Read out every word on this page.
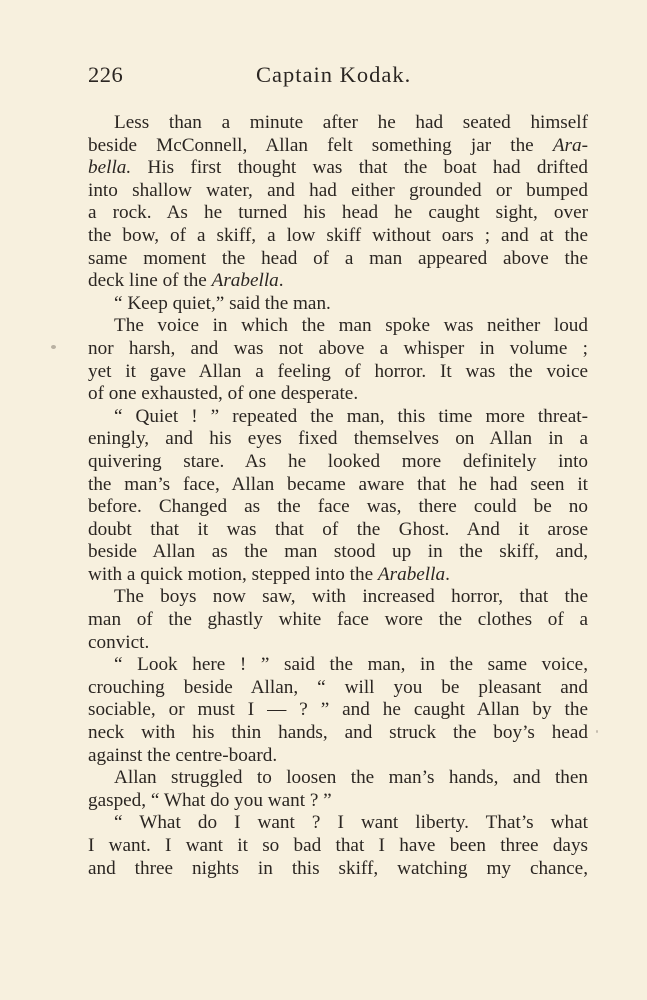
226	Captain Kodak.
Less than a minute after he had seated himself
beside McConnell, Allan felt something jar the Ara-
bella. His first thought was that the boat had drifted
into shallow water, and had either grounded or bumped
a rock. As he turned his head he caught sight, over
the bow, of a skiff, a low skiff without oars ; and at the
same moment the head of a man appeared above the
deck line of the Arabella.
“ Keep quiet,” said the man.
The voice in which the man spoke was neither loud
nor harsh, and was not above a whisper in volume ;
yet it gave Allan a feeling of horror. It was the voice
of one exhausted, of one desperate.
“ Quiet ! ” repeated the man, this time more threat-
eningly, and his eyes fixed themselves on Allan in a
quivering stare. As he looked more definitely into
the man’s face, Allan became aware that he had seen it
before. Changed as the face was, there could be no
doubt that it was that of the Ghost. And it arose
beside Allan as the man stood up in the skiff, and,
with a quick motion, stepped into the Arabella.
The boys now saw, with increased horror, that the
man of the ghastly white face wore the clothes of a
convict.
“ Look here ! ” said the man, in the same voice,
crouching beside Allan, “ will you be pleasant and
sociable, or must I — ? ” and he caught Allan by the
neck with his thin hands, and struck the boy’s head
against the centre-board.
Allan struggled to loosen the man’s hands, and then
gasped, “ What do you want ? ”
“ What do I want ? I want liberty. That’s what
I want. I want it so bad that I have been three days
and three nights in this skiff, watching my chance,
